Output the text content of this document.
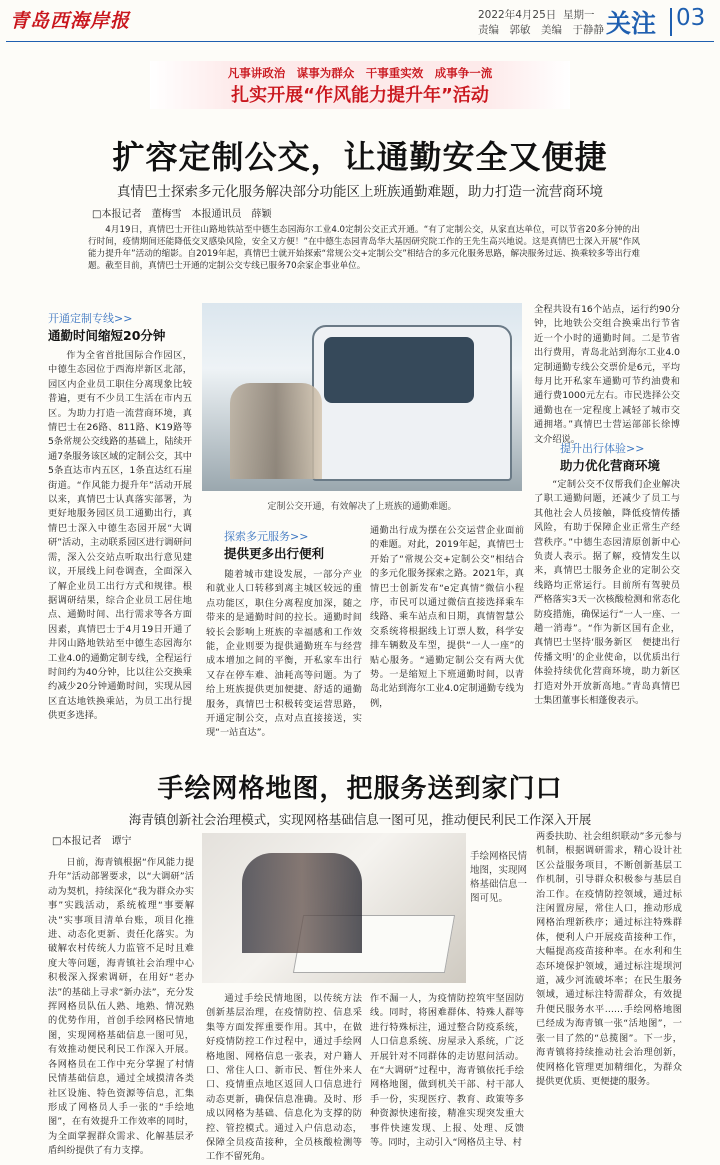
青岛西海岸报	2022年4月25日 星期一
责编　郭敏　美编　于静静 关注 03
凡事讲政治　谋事为群众　干事重实效　成事争一流
扎实开展“作风能力提升年”活动
扩容定制公交，让通勤安全又便捷
真情巴士探索多元化服务解决部分功能区上班族通勤难题，助力打造一流营商环境
□本报记者　董梅雪　本报通讯员　薛颖
4月19日，真情巴士开往山路地铁站至中德生态园海尔工业4.0定制公交正式开通。“有了定制公交，从家直达单位，可以节省20多分钟的出行时间，疫情期间还能降低交叉感染风险，安全又方便！”在中德生态园青岛华大基因研究院工作的王先生高兴地说。这是真情巴士深入开展“作风能力提升年”活动的缩影。自2019年起，真情巴士就开始探索“常规公交+定制公交”相结合的多元化服务思路，解决服务过远、换乘较多等出行难题。截至目前，真情巴士开通的定制公交专线已服务70余家企事业单位。
开通定制专线>>
通勤时间缩短20分钟
作为全省首批国际合作园区，中德生态园位于西海岸新区北部，园区内企业员工职住分离现象比较普遍，更有不少员工生活在市内五区。为助力打造一流营商环境，真情巴士在26路、811路、K19路等5条常规公交线路的基础上，陆续开通7条服务该区域的定制公交，其中5条直达市内五区，1条直达红石崖街道。“作风能力提升年”活动开展以来，真情巴士认真落实部署，为更好地服务园区员工通勤出行，真情巴士深入中德生态园开展“大调研”活动，主动联系园区进行调研问需，深入公交站点听取出行意见建议，开展线上问卷调查，全面深入了解企业员工出行方式和规律。根据调研结果，综合企业员工居住地点、通勤时间、出行需求等各方面因素，真情巴士于4月19日开通了井冈山路地铁站至中德生态园海尔工业4.0的通勤定制专线，全程运行时间约为40分钟，比以往公交换乘约减少20分钟通勤时间，实现从园区直达地铁换乘站，为员工出行提供更多选择。
定制公交开通，有效解决了上班族的通勤难题。
探索多元服务>>
提供更多出行便利
随着城市建设发展，一部分产业和就业人口转移到离主城区较远的重点功能区，职住分离程度加深，随之带来的是通勤时间的拉长。通勤时间较长会影响上班族的幸福感和工作效能，企业则要为提供通勤班车与经营成本增加之间的平衡，开私家车出行又存在停车难、油耗高等问题。为了给上班族提供更加便捷、舒适的通勤服务，真情巴士积极转变运营思路，开通定制公交，点对点直接接送，实现“一站直达”。
通勤出行成为摆在公交运营企业面前的难题。对此，2019年起，真情巴士开始了“常规公交+定制公交”相结合的多元化服务探索之路。2021年，真情巴士创新发布“e定真情”微信小程序，市民可以通过微信直接选择乘车线路、乘车站点和日期，真情智慧公交系统将根据线上订票人数，科学安排车辆数及车型，提供“一人一座”的贴心服务。“通勤定制公交有两大优势。一是缩短上下班通勤时间，以青岛北站到海尔工业4.0定制通勤专线为例，
全程共设有16个站点，运行约90分钟，比地铁公交组合换乘出行节省近一个小时的通勤时间。二是节省出行费用，青岛北站到海尔工业4.0定制通勤专线公交票价是6元，平均每月比开私家车通勤可节约油费和通行费1000元左右。市民选择公交通勤也在一定程度上减轻了城市交通拥堵。”真情巴士营运部部长徐博文介绍说。
提升出行体验>>
助力优化营商环境
“定制公交不仅帮我们企业解决了职工通勤问题，还减少了员工与其他社会人员接触，降低疫情传播风险，有助于保障企业正常生产经营秩序。”中德生态园清原创新中心负责人表示。据了解，疫情发生以来，真情巴士服务企业的定制公交线路均正常运行。目前所有驾驶员严格落实3天一次核酸检测和常态化防疫措施，确保运行“一人一座、一趟一消毒”。“作为新区国有企业，真情巴士坚持‘服务新区　便捷出行　传播文明’的企业使命，以优质出行体验持续优化营商环境，助力新区打造对外开放新高地。”青岛真情巴士集团董事长相蓬俊表示。
手绘网格地图，把服务送到家门口
海青镇创新社会治理模式，实现网格基础信息一图可见，推动便民利民工作深入开展
□本报记者　谭宁
日前，海青镇根据“作风能力提升年”活动部署要求，以“大调研”活动为契机，持续深化“我为群众办实事”实践活动，系统梳理“事要解决”实事项目清单台账，项目化推进、动态化更新、责任化落实。为破解农村传统人力监管不足时且难度大等问题，海青镇社会治理中心积极深入探索调研，在用好“老办法”的基础上寻求“新办法”，充分发挥网格员队伍人熟、地熟、情况熟的优势作用，首创手绘网格民情地图，实现网格基础信息一图可见，有效推动便民利民工作深入开展。各网格员在工作中充分掌握了村情民情基础信息，通过全域摸清各类社区设施、特色资源等信息，汇集形成了网格员人手一张的“手绘地图”，在有效提升工作效率的同时，为全面掌握群众需求、化解基层矛盾纠纷提供了有力支撑。
手绘网格民情地图，实现网格基础信息一图可见。
通过手绘民情地图，以传统方法创新基层治理，在疫情防控、信息采集等方面发挥重要作用。其中，在做好疫情防控工作过程中，通过手绘网格地图、网格信息一张表，对户籍人口、常住人口、新市民、暂住外来人口、疫情重点地区返回人口信息进行动态更新，确保信息准确。及时、形成以网格为基础、信息化为支撑的防控、管控模式。通过入户信息动态，保障全员疫苗接种，全员核酸检测等工作不留死角。
作不漏一人，为疫情防控筑牢坚固防线。同时，将困难群体、特殊人群等进行特殊标注，通过整合防疫系统，人口信息系统、房屋录入系统，广泛开展针对不同群体的走访慰问活动。在“大调研”过程中，海青镇依托手绘网格地图，做到机关干部、村干部人手一份，实现医疗、教育、政策等多种资源快速衔接，精准实现突发重大事件快速发现、上报、处理、反馈等。同时，主动引入“网格员主导、村
两委扶助、社会组织联动”多元参与机制，根据调研需求，精心设计社区公益服务项目，不断创新基层工作机制，引导群众积极参与基层自治工作。在疫情防控领域，通过标注闲置房屋，常住人口，推动形成网格治理新秩序；通过标注特殊群体，便利人户开展疫苗接种工作，大幅提高疫苗接种率。在水利和生态环境保护领域，通过标注堤坝河道，减少河流破坏率；在民生服务领域，通过标注特需群众，有效提升便民服务水平……手绘网格地图已经成为海青镇一张“活地图”，一张一目了然的“总揽图”。下一步，海青镇将持续推动社会治理创新，使网格化管理更加精细化，为群众提供更优质、更便捷的服务。
